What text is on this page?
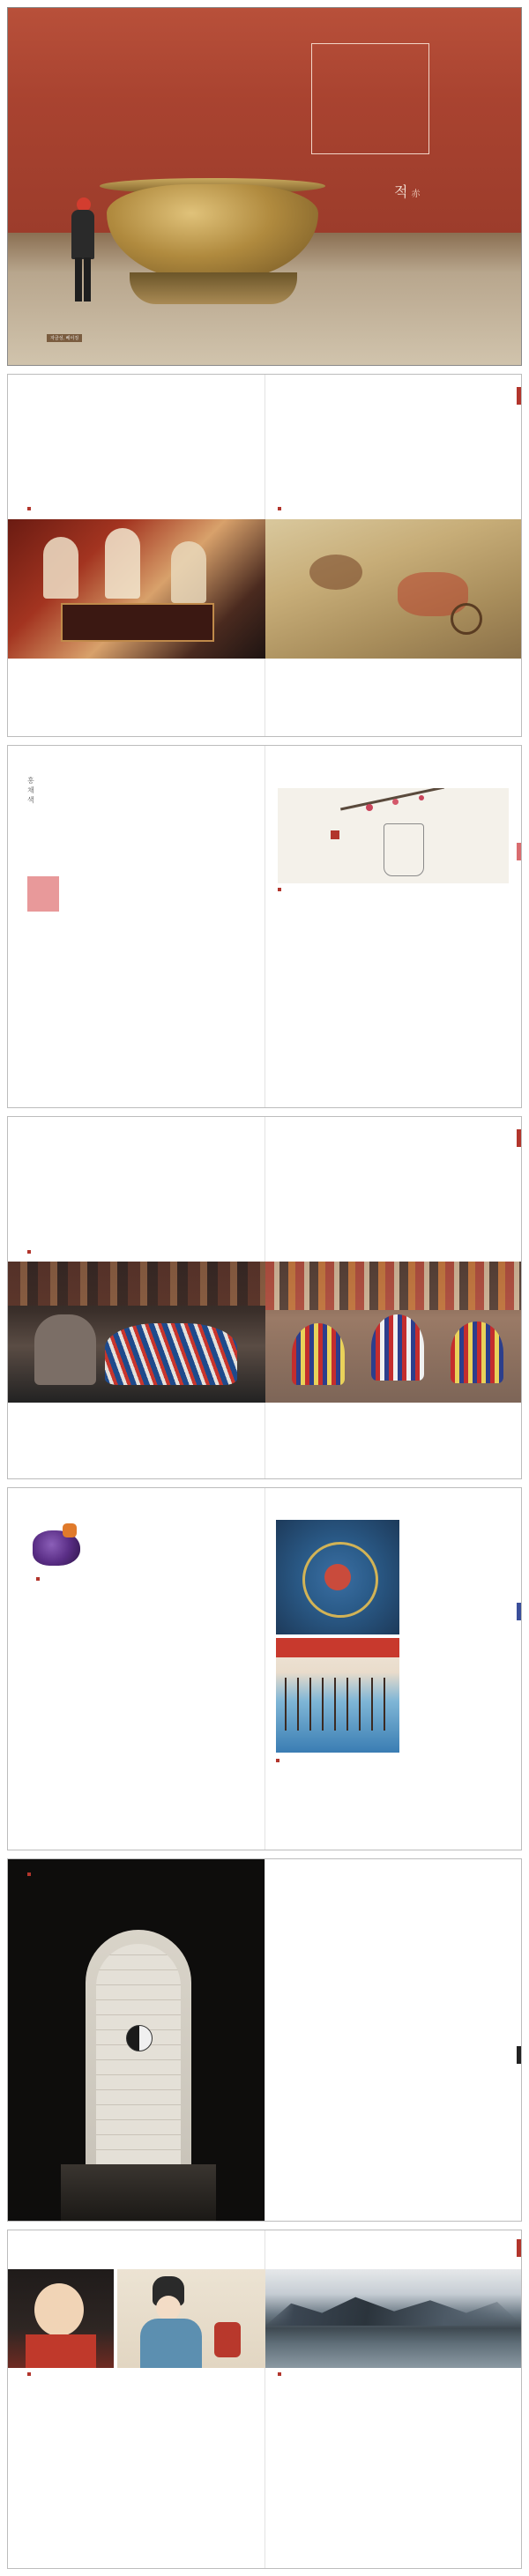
적赤
자금성, 베이징
홍 채 색
